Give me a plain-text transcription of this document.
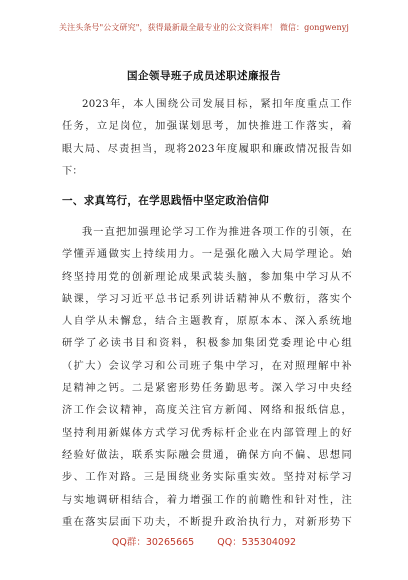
关注头条号"公文研究"，获得最新最全最专业的公文资料库！ 微信：gongwenyj
国企领导班子成员述职述廉报告
2023年，本人围绕公司发展目标，紧扣年度重点工作
任务，立足岗位，加强谋划思考，加快推进工作落实，着
眼大局、尽责担当，现将2023年度履职和廉政情况报告如
下：
一、求真笃行，在学思践悟中坚定政治信仰
我一直把加强理论学习工作为推进各项工作的引领，在
学懂弄通做实上持续用力。一是强化融入大局学理论。始
终坚持用党的创新理论成果武装头脑，参加集中学习从不
缺课，学习习近平总书记系列讲话精神从不敷衍，落实个
人自学从未懈怠，结合主题教育，原原本本、深入系统地
研学了必读书目和资料，积极参加集团党委理论中心组
（扩大）会议学习和公司班子集中学习，在对照理解中补
足精神之钙。二是紧密形势任务勤思考。深入学习中央经
济工作会议精神，高度关注官方新闻、网络和报纸信息，
坚持利用新媒体方式学习优秀标杆企业在内部管理上的好
经验好做法，联系实际融会贯通，确保方向不偏、思想同
步、工作对路。三是围绕业务实际重实效。坚持对标学习
与实地调研相结合，着力增强工作的前瞻性和针对性，注
重在落实层面下功夫，不断提升政治执行力，对新形势下
QQ群：30265665 QQ：535304092
